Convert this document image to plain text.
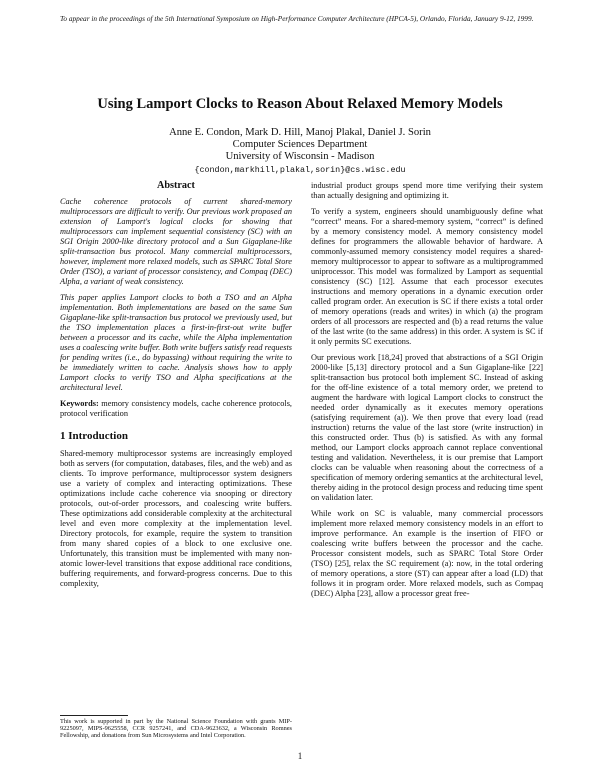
To appear in the proceedings of the 5th International Symposium on High-Performance Computer Architecture (HPCA-5), Orlando, Florida, January 9-12, 1999.
Using Lamport Clocks to Reason About Relaxed Memory Models
Anne E. Condon, Mark D. Hill, Manoj Plakal, Daniel J. Sorin
Computer Sciences Department
University of Wisconsin - Madison
{condon,markhill,plakal,sorin}@cs.wisc.edu
Abstract

Cache coherence protocols of current shared-memory multiprocessors are difficult to verify. Our previous work proposed an extension of Lamport's logical clocks for showing that multiprocessors can implement sequential consistency (SC) with an SGI Origin 2000-like directory protocol and a Sun Gigaplane-like split-transaction bus protocol. Many commercial multiprocessors, however, implement more relaxed models, such as SPARC Total Store Order (TSO), a variant of processor consistency, and Compaq (DEC) Alpha, a variant of weak consistency.

This paper applies Lamport clocks to both a TSO and an Alpha implementation. Both implementations are based on the same Sun Gigaplane-like split-transaction bus protocol we previously used, but the TSO implementation places a first-in-first-out write buffer between a processor and its cache, while the Alpha implementation uses a coalescing write buffer. Both write buffers satisfy read requests for pending writes (i.e., do bypassing) without requiring the write to be immediately written to cache. Analysis shows how to apply Lamport clocks to verify TSO and Alpha specifications at the architectural level.

Keywords: memory consistency models, cache coherence protocols, protocol verification

1 Introduction

Shared-memory multiprocessor systems are increasingly employed both as servers (for computation, databases, files, and the web) and as clients. To improve performance, multiprocessor system designers use a variety of complex and interacting optimizations. These optimizations include cache coherence via snooping or directory protocols, out-of-order processors, and coalescing write buffers. These optimizations add considerable complexity at the architectural level and even more complexity at the implementation level. Directory protocols, for example, require the system to transition from many shared copies of a block to one exclusive one. Unfortunately, this transition must be implemented with many non-atomic lower-level transitions that expose additional race conditions, buffering requirements, and forward-progress concerns. Due to this complexity,

industrial product groups spend more time verifying their system than actually designing and optimizing it.

To verify a system, engineers should unambiguously define what “correct” means. For a shared-memory system, “correct” is defined by a memory consistency model. A memory consistency model defines for programmers the allowable behavior of hardware. A commonly-assumed memory consistency model requires a shared-memory multiprocessor to appear to software as a multiprogrammed uniprocessor. This model was formalized by Lamport as sequential consistency (SC) [12]. Assume that each processor executes instructions and memory operations in a dynamic execution order called program order. An execution is SC if there exists a total order of memory operations (reads and writes) in which (a) the program orders of all processors are respected and (b) a read returns the value of the last write (to the same address) in this order. A system is SC if it only permits SC executions.

Our previous work [18,24] proved that abstractions of a SGI Origin 2000-like [5,13] directory protocol and a Sun Gigaplane-like [22] split-transaction bus protocol both implement SC. Instead of asking for the off-line existence of a total memory order, we pretend to augment the hardware with logical Lamport clocks to construct the needed order dynamically as it executes memory operations (satisfying requirement (a)). We then prove that every load (read instruction) returns the value of the last store (write instruction) in this constructed order. Thus (b) is satisfied. As with any formal method, our Lamport clocks approach cannot replace conventional testing and validation. Nevertheless, it is our premise that Lamport clocks can be valuable when reasoning about the correctness of a specification of memory ordering semantics at the architectural level, thereby aiding in the protocol design process and reducing time spent on validation later.

While work on SC is valuable, many commercial processors implement more relaxed memory consistency models in an effort to improve performance. An example is the insertion of FIFO or coalescing write buffers between the processor and the cache. Processor consistent models, such as SPARC Total Store Order (TSO) [25], relax the SC requirement (a): now, in the total ordering of memory operations, a store (ST) can appear after a load (LD) that follows it in program order. More relaxed models, such as Compaq (DEC) Alpha [23], allow a processor great free-

This work is supported in part by the National Science Foundation with grants MIP-9225097, MIPS-9625558, CCR 9257241, and CDA-9623632, a Wisconsin Romnes Fellowship, and donations from Sun Microsystems and Intel Corporation.
1
